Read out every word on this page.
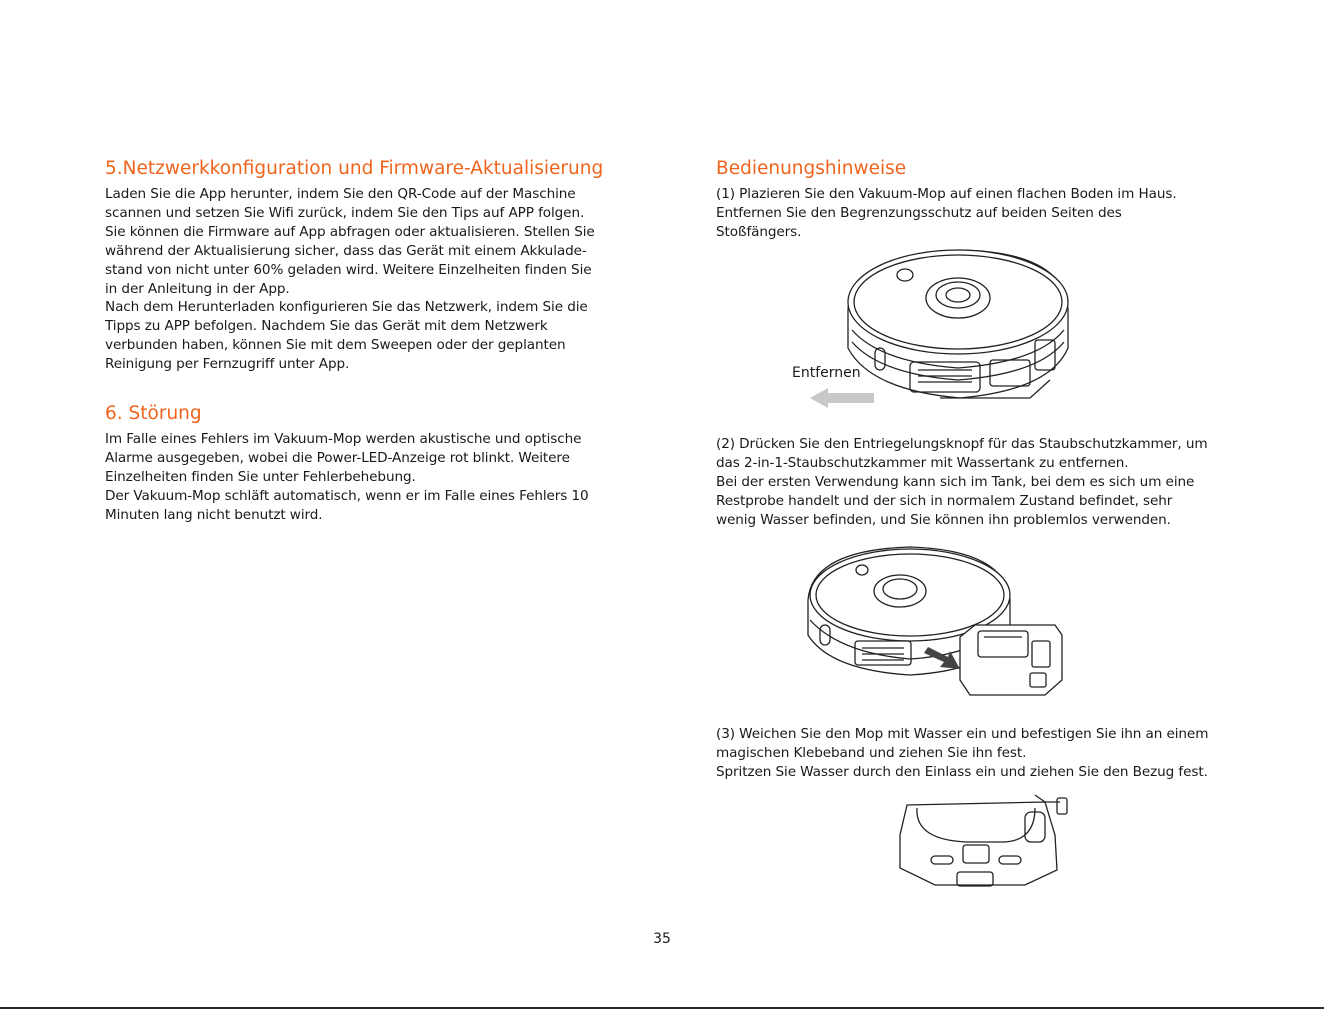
5.Netzwerkkonfiguration und Firmware-Aktualisierung

Laden Sie die App herunter, indem Sie den QR-Code auf der Maschine
scannen und setzen Sie Wifi zurück, indem Sie den Tips auf APP folgen.
Sie können die Firmware auf App abfragen oder aktualisieren. Stellen Sie
während der Aktualisierung sicher, dass das Gerät mit einem Akkulade-
stand von nicht unter 60% geladen wird. Weitere Einzelheiten finden Sie
in der Anleitung in der App.
Nach dem Herunterladen konfigurieren Sie das Netzwerk, indem Sie die
Tipps zu APP befolgen. Nachdem Sie das Gerät mit dem Netzwerk
verbunden haben, können Sie mit dem Sweepen oder der geplanten
Reinigung per Fernzugriff unter App.

6. Störung

Im Falle eines Fehlers im Vakuum-Mop werden akustische und optische
Alarme ausgegeben, wobei die Power-LED-Anzeige rot blinkt. Weitere
Einzelheiten finden Sie unter Fehlerbehebung.
Der Vakuum-Mop schläft automatisch, wenn er im Falle eines Fehlers 10
Minuten lang nicht benutzt wird.

Bedienungshinweise

(1) Plazieren Sie den Vakuum-Mop auf einen flachen Boden im Haus.
Entfernen Sie den Begrenzungsschutz auf beiden Seiten des
Stoßfängers.

(2) Drücken Sie den Entriegelungsknopf für das Staubschutzkammer, um
das 2-in-1-Staubschutzkammer mit Wassertank zu entfernen.
Bei der ersten Verwendung kann sich im Tank, bei dem es sich um eine
Restprobe handelt und der sich in normalem Zustand befindet, sehr
wenig Wasser befinden, und Sie können ihn problemlos verwenden.

(3) Weichen Sie den Mop mit Wasser ein und befestigen Sie ihn an einem
magischen Klebeband und ziehen Sie ihn fest.
Spritzen Sie Wasser durch den Einlass ein und ziehen Sie den Bezug fest.

Entfernen
35
